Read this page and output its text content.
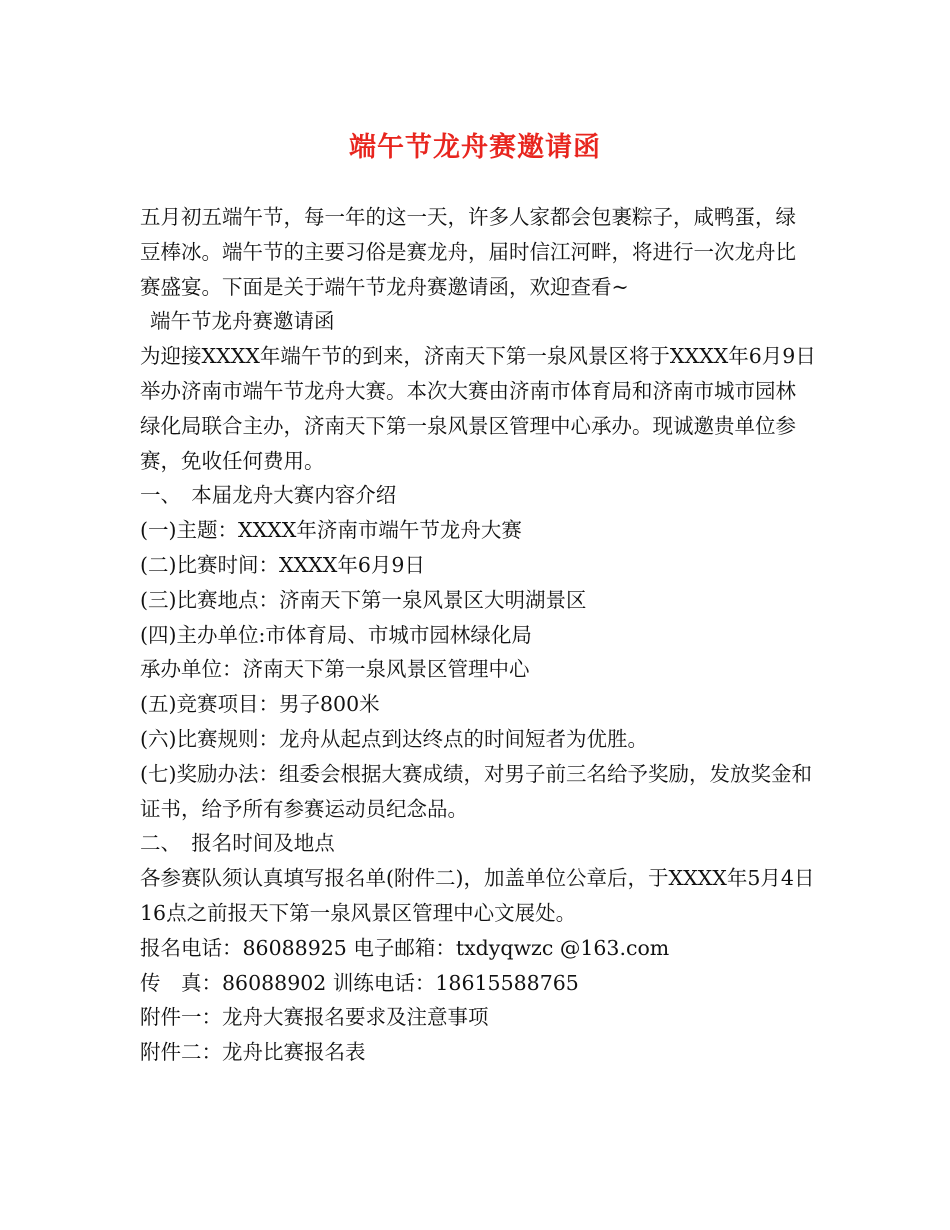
端午节龙舟赛邀请函

五月初五端午节，每一年的这一天，许多人家都会包裹粽子，咸鸭蛋，绿豆棒冰。端午节的主要习俗是赛龙舟，届时信江河畔，将进行一次龙舟比赛盛宴。下面是关于端午节龙舟赛邀请函，欢迎查看~

端午节龙舟赛邀请函

为迎接XXXX年端午节的到来，济南天下第一泉风景区将于XXXX年6月9日举办济南市端午节龙舟大赛。本次大赛由济南市体育局和济南市城市园林绿化局联合主办，济南天下第一泉风景区管理中心承办。现诚邀贵单位参赛，免收任何费用。

一、　本届龙舟大赛内容介绍

(一)主题：XXXX年济南市端午节龙舟大赛

(二)比赛时间：XXXX年6月9日

(三)比赛地点：济南天下第一泉风景区大明湖景区

(四)主办单位:市体育局、市城市园林绿化局

承办单位：济南天下第一泉风景区管理中心

(五)竞赛项目：男子800米

(六)比赛规则：龙舟从起点到达终点的时间短者为优胜。

(七)奖励办法：组委会根据大赛成绩，对男子前三名给予奖励，发放奖金和证书，给予所有参赛运动员纪念品。

二、　报名时间及地点

各参赛队须认真填写报名单(附件二)，加盖单位公章后，于XXXX年5月4日16点之前报天下第一泉风景区管理中心文展处。

报名电话：86088925 电子邮箱：txdyqwzc @163.com

传　真：86088902 训练电话：18615588765

附件一：龙舟大赛报名要求及注意事项

附件二：龙舟比赛报名表
